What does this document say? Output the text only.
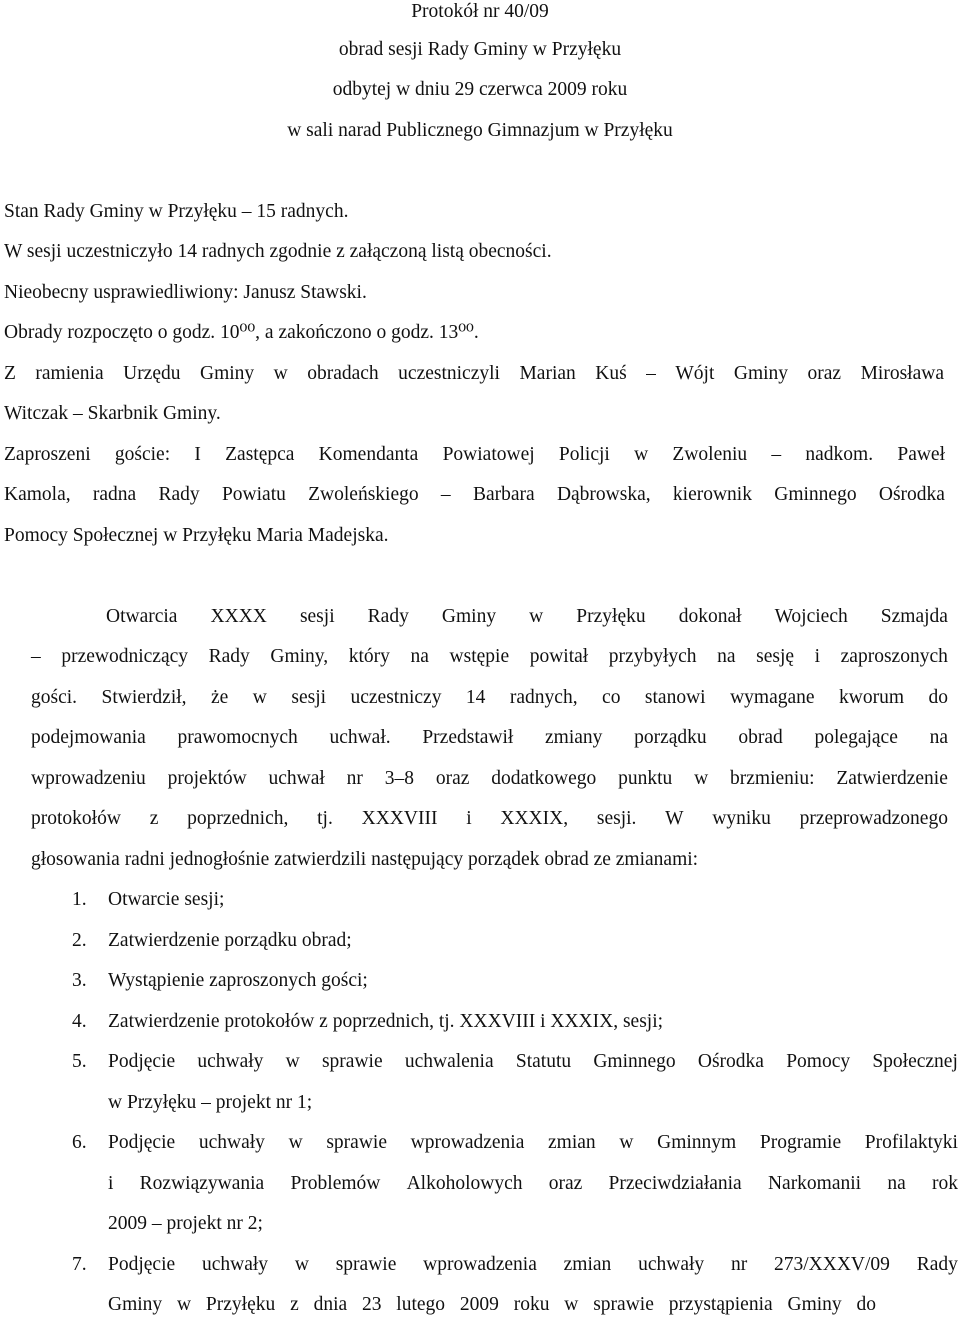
Protokół nr 40/09
obrad sesji Rady Gminy w Przyłęku
odbytej w dniu 29 czerwca 2009 roku
w sali narad Publicznego Gimnazjum w Przyłęku
Stan Rady Gminy w Przyłęku – 15 radnych.
W sesji uczestniczyło 14 radnych zgodnie z załączoną listą obecności.
Nieobecny usprawiedliwiony: Janusz Stawski.
Obrady rozpoczęto o godz. 10⁰⁰, a zakończono o godz. 13⁰⁰.
Z ramienia Urzędu Gminy w obradach uczestniczyli Marian Kuś – Wójt Gminy oraz Mirosława
Witczak – Skarbnik Gminy.
Zaproszeni goście: I Zastępca Komendanta Powiatowej Policji w Zwoleniu – nadkom. Paweł
Kamola, radna Rady Powiatu Zwoleńskiego – Barbara Dąbrowska, kierownik Gminnego Ośrodka
Pomocy Społecznej w Przyłęku Maria Madejska.
Otwarcia XXXX sesji Rady Gminy w Przyłęku dokonał Wojciech Szmajda
– przewodniczący Rady Gminy, który na wstępie powitał przybyłych na sesję i zaproszonych
gości. Stwierdził, że w sesji uczestniczy 14 radnych, co stanowi wymagane kworum do
podejmowania prawomocnych uchwał. Przedstawił zmiany porządku obrad polegające na
wprowadzeniu projektów uchwał nr 3–8 oraz dodatkowego punktu w brzmieniu: Zatwierdzenie
protokołów z poprzednich, tj. XXXVIII i XXXIX, sesji. W wyniku przeprowadzonego
głosowania radni jednogłośnie zatwierdzili następujący porządek obrad ze zmianami:
1. Otwarcie sesji;
2. Zatwierdzenie porządku obrad;
3. Wystąpienie zaproszonych gości;
4. Zatwierdzenie protokołów z poprzednich, tj. XXXVIII i XXXIX, sesji;
5. Podjęcie uchwały w sprawie uchwalenia Statutu Gminnego Ośrodka Pomocy Społecznej
w Przyłęku – projekt nr 1;
6. Podjęcie uchwały w sprawie wprowadzenia zmian w Gminnym Programie Profilaktyki
i Rozwiązywania Problemów Alkoholowych oraz Przeciwdziałania Narkomanii na rok
2009 – projekt nr 2;
7. Podjęcie uchwały w sprawie wprowadzenia zmian uchwały nr 273/XXXV/09 Rady
Gminy w Przyłęku z dnia 23 lutego 2009 roku w sprawie przystąpienia Gminy do
